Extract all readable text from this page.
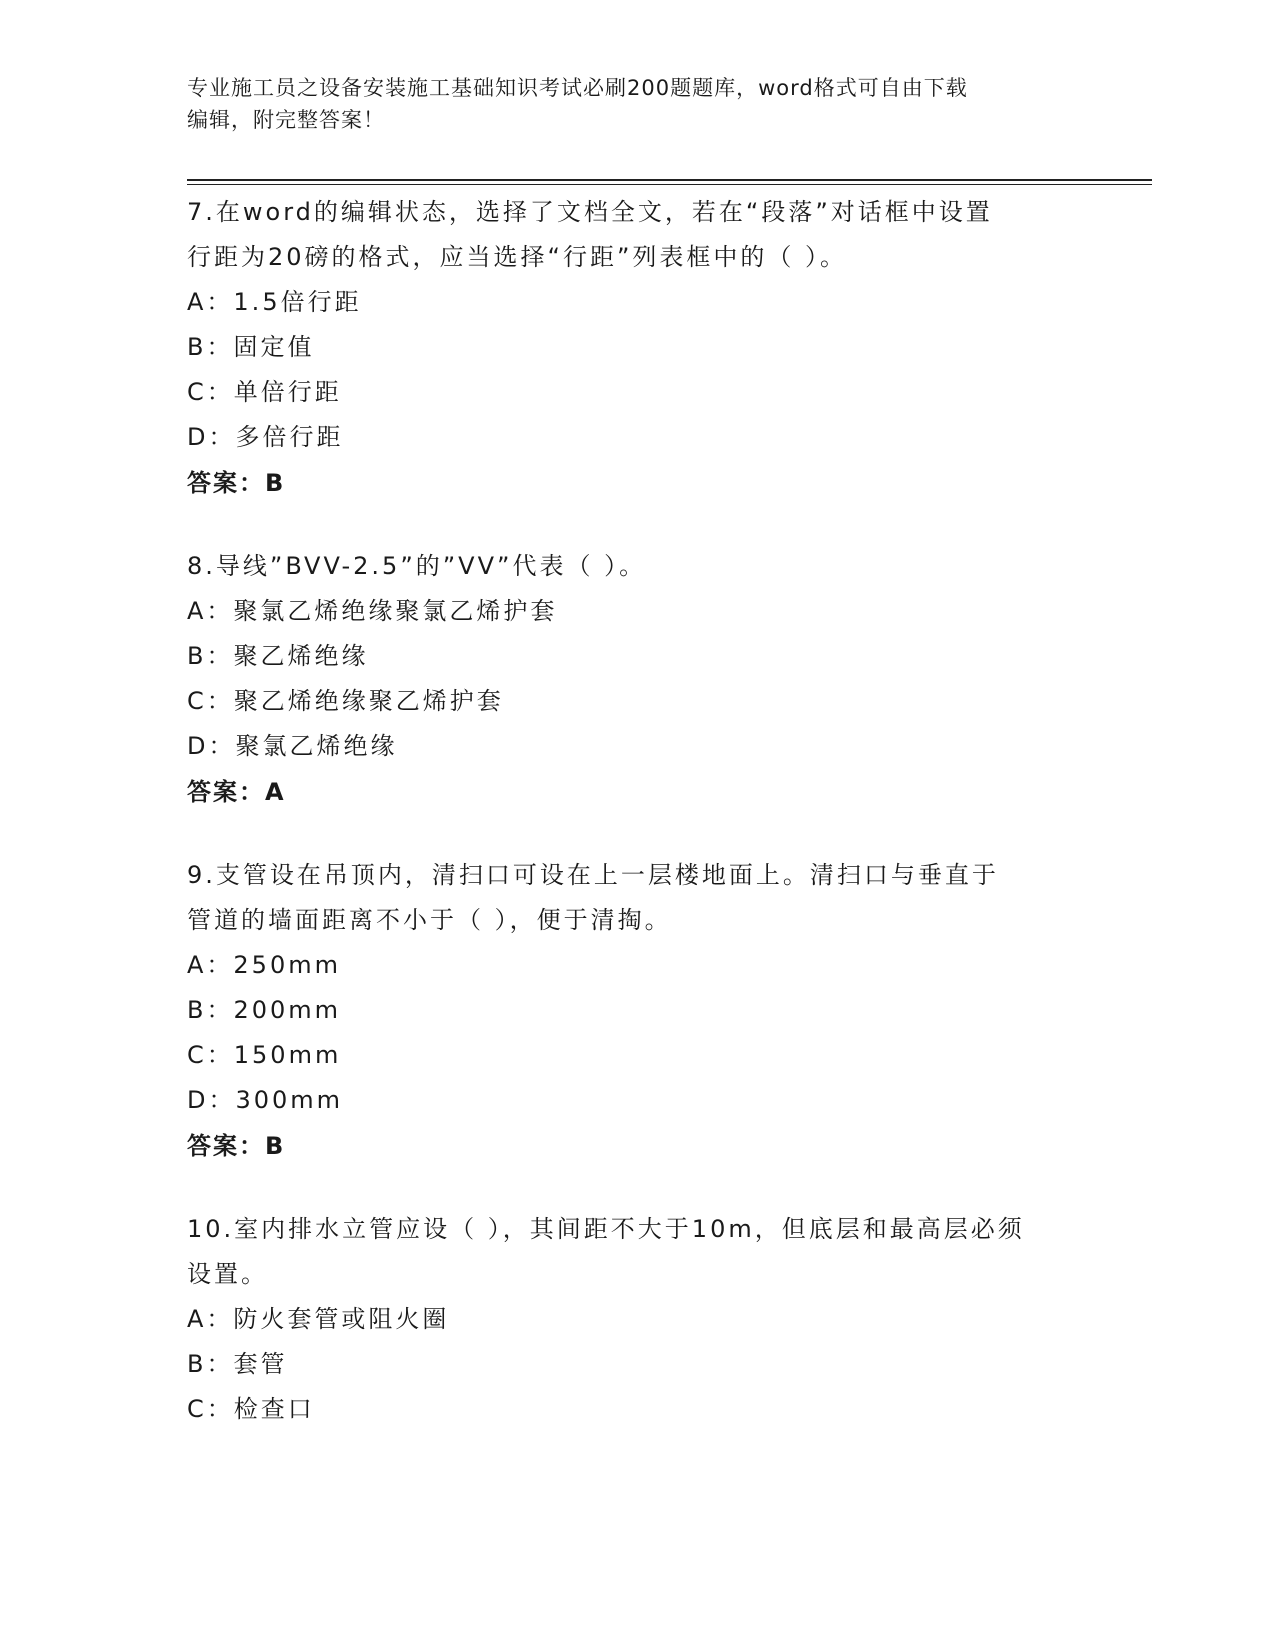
专业施工员之设备安装施工基础知识考试必刷200题题库，word格式可自由下载
编辑，附完整答案！
7.在word的编辑状态，选择了文档全文，若在“段落”对话框中设置
行距为20磅的格式，应当选择“行距”列表框中的（ ）。
A：1.5倍行距
B：固定值
C：单倍行距
D：多倍行距
答案：B
8.导线”BVV-2.5”的”VV”代表（ ）。
A：聚氯乙烯绝缘聚氯乙烯护套
B：聚乙烯绝缘
C：聚乙烯绝缘聚乙烯护套
D：聚氯乙烯绝缘
答案：A
9.支管设在吊顶内，清扫口可设在上一层楼地面上。清扫口与垂直于
管道的墙面距离不小于（ ），便于清掏。
A：250mm
B：200mm
C：150mm
D：300mm
答案：B
10.室内排水立管应设（ ），其间距不大于10m，但底层和最高层必须
设置。
A：防火套管或阻火圈
B：套管
C：检查口
